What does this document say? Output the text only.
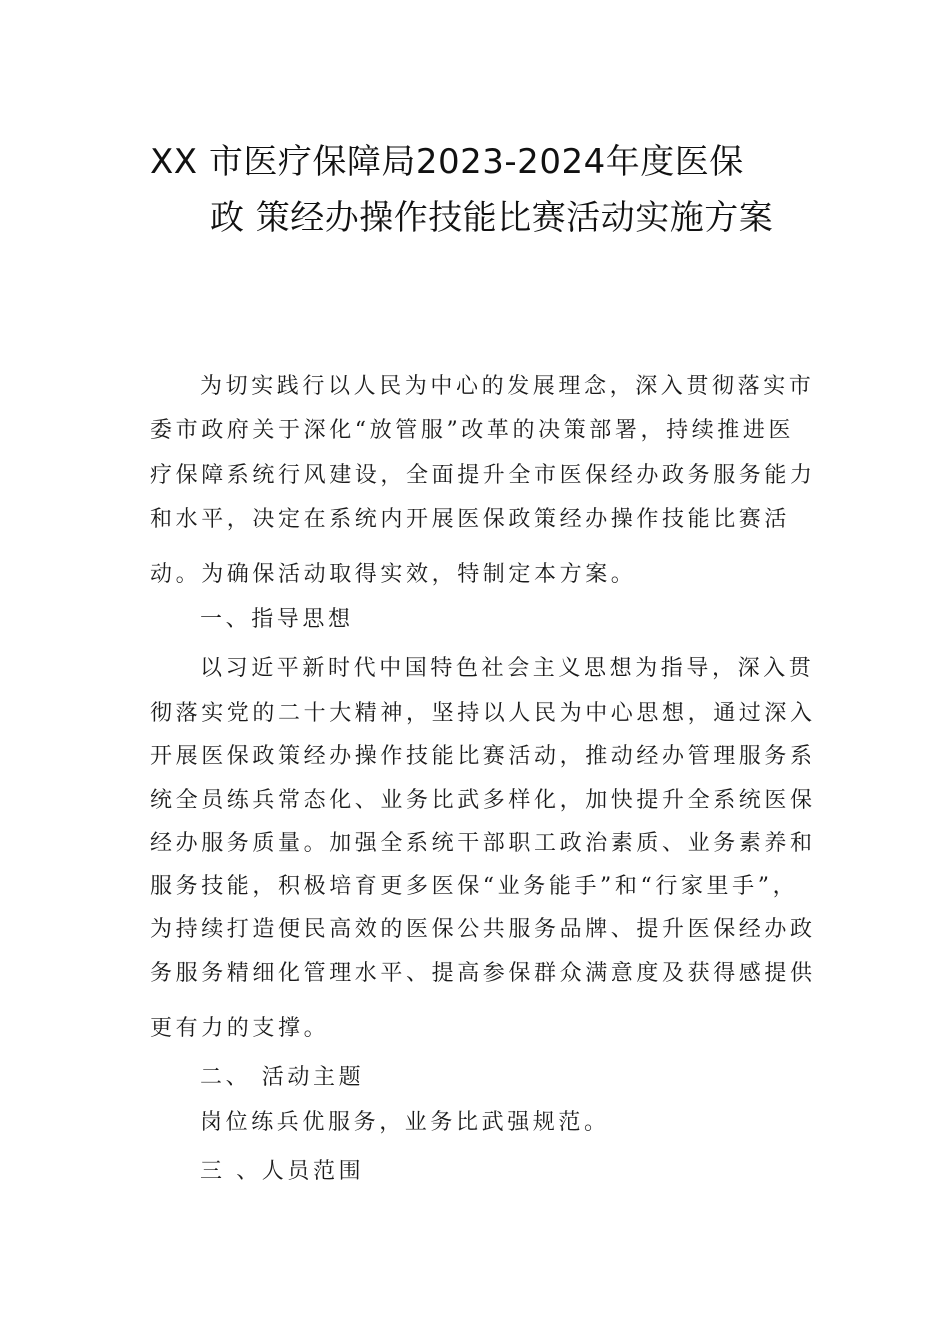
XX 市医疗保障局2023-2024年度医保
政 策经办操作技能比赛活动实施方案

为切实践行以人民为中心的发展理念，深入贯彻落实市

委市政府关于深化“放管服”改革的决策部署，持续推进医

疗保障系统行风建设，全面提升全市医保经办政务服务能力

和水平，决定在系统内开展医保政策经办操作技能比赛活

动。为确保活动取得实效，特制定本方案。

一、指导思想

以习近平新时代中国特色社会主义思想为指导，深入贯

彻落实党的二十大精神，坚持以人民为中心思想，通过深入

开展医保政策经办操作技能比赛活动，推动经办管理服务系

统全员练兵常态化、业务比武多样化，加快提升全系统医保

经办服务质量。加强全系统干部职工政治素质、业务素养和

服务技能，积极培育更多医保“业务能手”和“行家里手”，

为持续打造便民高效的医保公共服务品牌、提升医保经办政

务服务精细化管理水平、提高参保群众满意度及获得感提供

更有力的支撑。

二、 活动主题

岗位练兵优服务，业务比武强规范。

三 、人员范围
